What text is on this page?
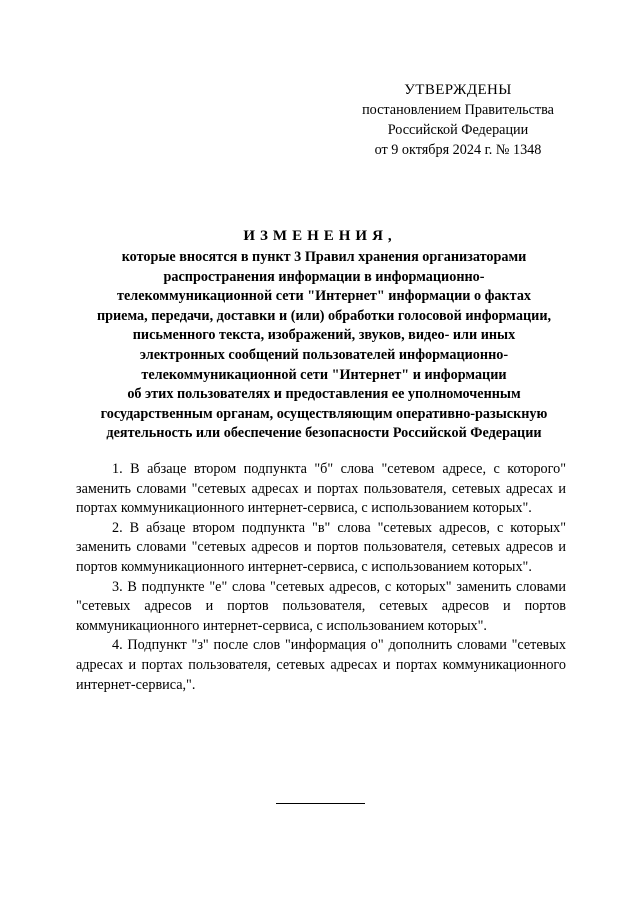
УТВЕРЖДЕНЫ
постановлением Правительства
Российской Федерации
от 9 октября 2024 г. № 1348
ИЗМЕНЕНИЯ,
которые вносятся в пункт 3 Правил хранения организаторами
распространения информации в информационно-
телекоммуникационной сети "Интернет" информации о фактах
приема, передачи, доставки и (или) обработки голосовой информации,
письменного текста, изображений, звуков, видео- или иных
электронных сообщений пользователей информационно-
телекоммуникационной сети "Интернет" и информации
об этих пользователях и предоставления ее уполномоченным
государственным органам, осуществляющим оперативно-разыскную
деятельность или обеспечение безопасности Российской Федерации

1. В абзаце втором подпункта "б" слова "сетевом адресе, с которого" заменить словами "сетевых адресах и портах пользователя, сетевых адресах и портах коммуникационного интернет-сервиса, с использованием которых".

2. В абзаце втором подпункта "в" слова "сетевых адресов, с которых" заменить словами "сетевых адресов и портов пользователя, сетевых адресов и портов коммуникационного интернет-сервиса, с использованием которых".

3. В подпункте "е" слова "сетевых адресов, с которых" заменить словами "сетевых адресов и портов пользователя, сетевых адресов и портов коммуникационного интернет-сервиса, с использованием которых".

4. Подпункт "з" после слов "информация о" дополнить словами "сетевых адресах и портах пользователя, сетевых адресах и портах коммуникационного интернет-сервиса,".
